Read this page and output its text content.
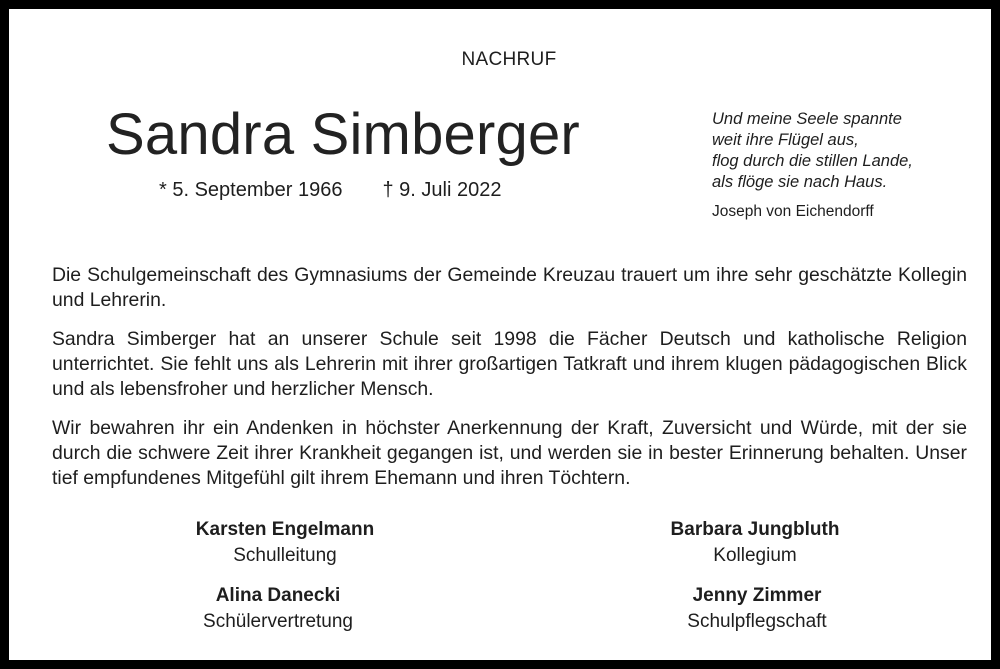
NACHRUF
Sandra Simberger
* 5. September 1966 † 9. Juli 2022
Und meine Seele spannte
weit ihre Flügel aus,
flog durch die stillen Lande,
als flöge sie nach Haus.
Joseph von Eichendorff
Die Schulgemeinschaft des Gymnasiums der Gemeinde Kreuzau trauert um ihre sehr geschätzte Kollegin und Lehrerin.
Sandra Simberger hat an unserer Schule seit 1998 die Fächer Deutsch und katholische Religion unterrichtet. Sie fehlt uns als Lehrerin mit ihrer großartigen Tatkraft und ihrem klugen pädagogischen Blick und als lebensfroher und herzlicher Mensch.
Wir bewahren ihr ein Andenken in höchster Anerkennung der Kraft, Zuversicht und Würde, mit der sie durch die schwere Zeit ihrer Krankheit gegangen ist, und werden sie in bester Erinnerung behalten. Unser tief empfundenes Mitgefühl gilt ihrem Ehemann und ihren Töchtern.
Karsten Engelmann
Schulleitung
Barbara Jungbluth
Kollegium
Alina Danecki
Schülervertretung
Jenny Zimmer
Schulpflegschaft
